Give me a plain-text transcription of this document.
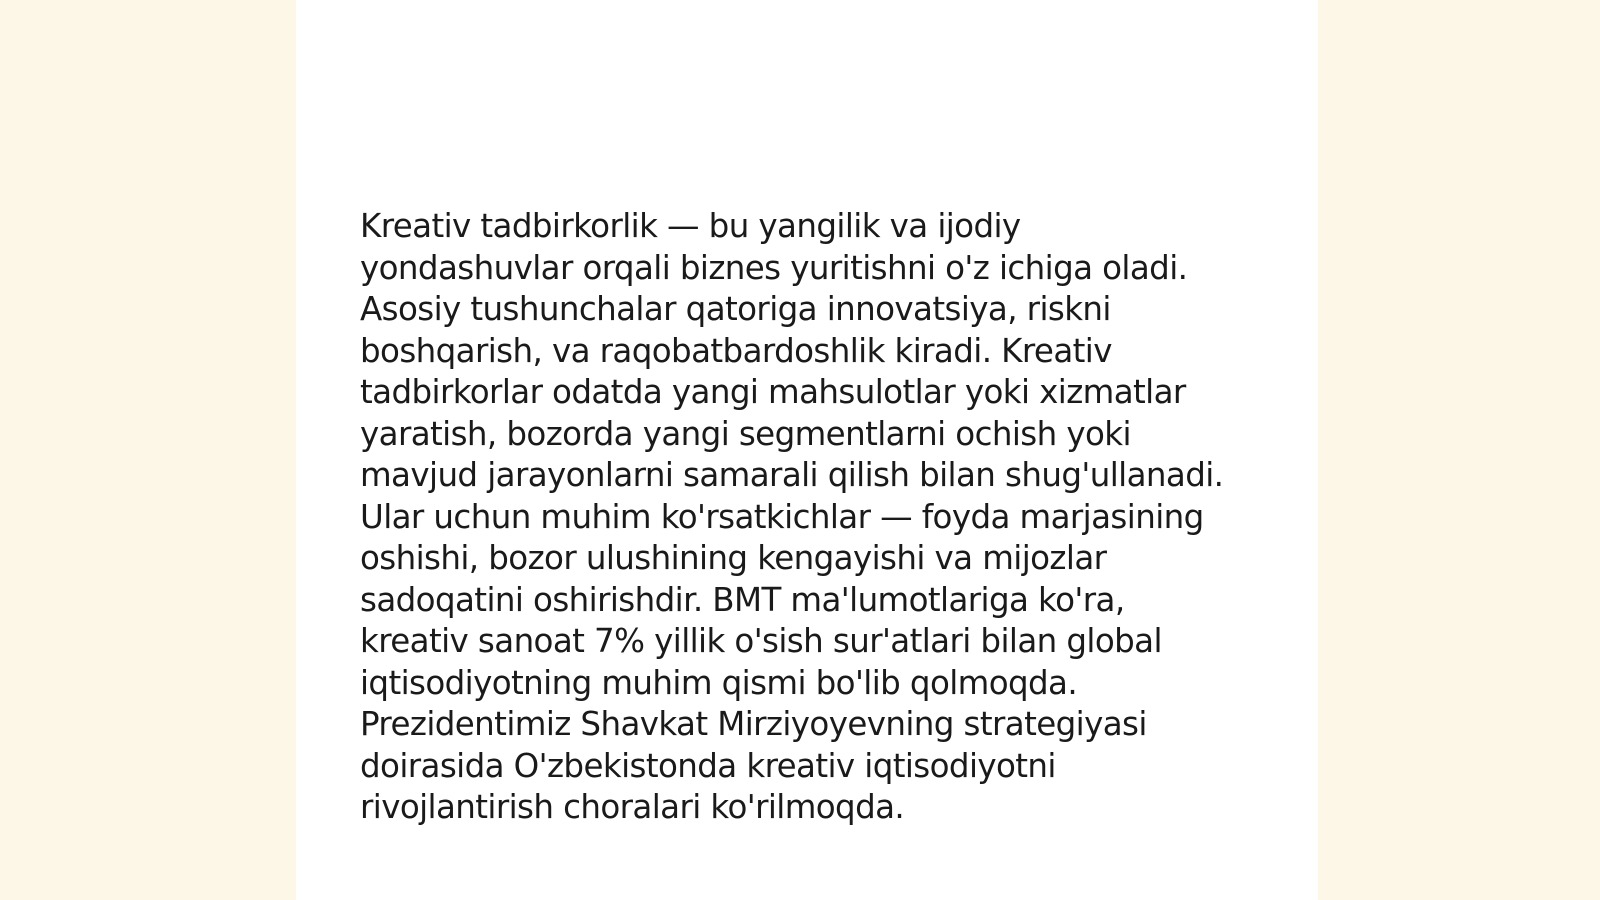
Kreativ tadbirkorlik — bu yangilik va ijodiy yondashuvlar orqali biznes yuritishni o'z ichiga oladi. Asosiy tushunchalar qatoriga innovatsiya, riskni boshqarish, va raqobatbardoshlik kiradi. Kreativ tadbirkorlar odatda yangi mahsulotlar yoki xizmatlar yaratish, bozorda yangi segmentlarni ochish yoki mavjud jarayonlarni samarali qilish bilan shug'ullanadi. Ular uchun muhim ko'rsatkichlar — foyda marjasining oshishi, bozor ulushining kengayishi va mijozlar sadoqatini oshirishdir. BMT ma'lumotlariga ko'ra, kreativ sanoat 7% yillik o'sish sur'atlari bilan global iqtisodiyotning muhim qismi bo'lib qolmoqda. Prezidentimiz Shavkat Mirziyoyevning strategiyasi doirasida O'zbekistonda kreativ iqtisodiyotni rivojlantirish choralari ko'rilmoqda.
